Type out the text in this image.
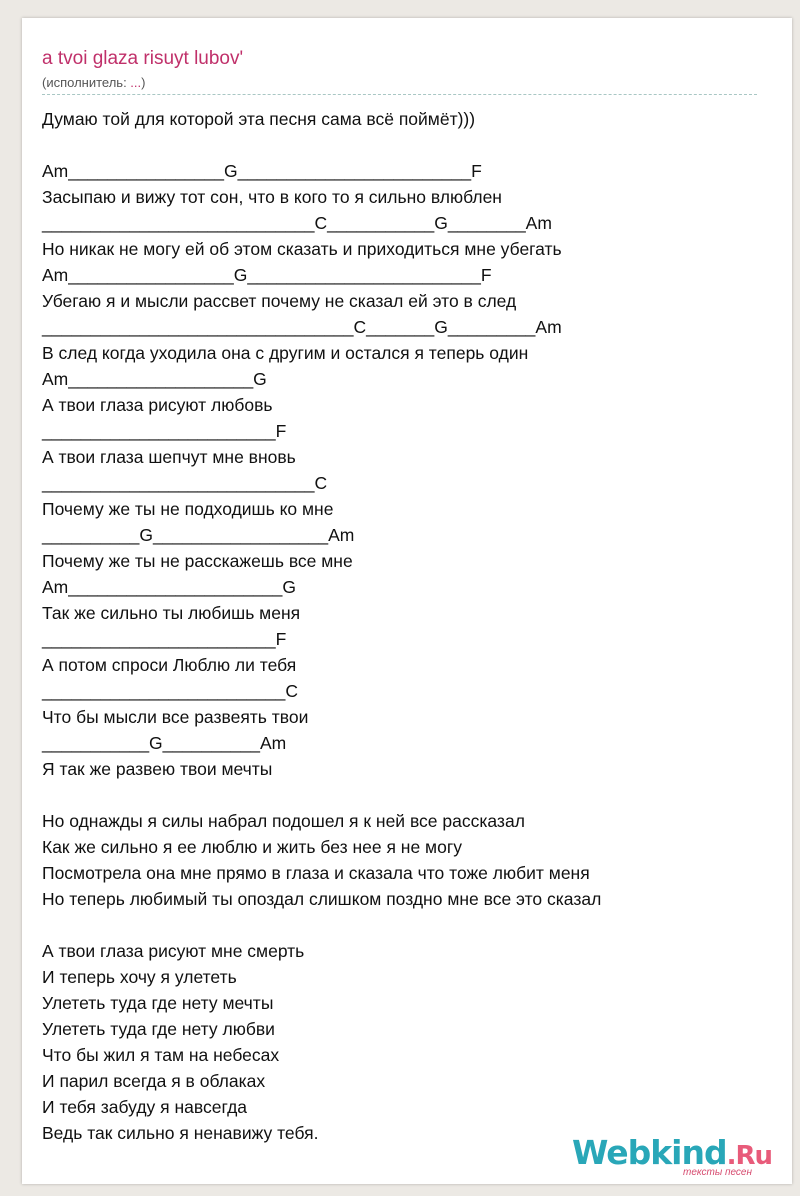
a tvoi glaza risuyt lubov'
(исполнитель: ...)
Думаю той для которой эта песня сама всё поймёт)))
Am________________G________________________F
Засыпаю и вижу тот сон, что в кого то я сильно влюблен
____________________________C___________G________Am
Но никак не могу ей об этом сказать и приходиться мне убегать
Am_________________G________________________F
Убегаю я и мысли рассвет почему не сказал ей это в след
________________________________C_______G_________Am
В след когда уходила она с другим и остался я теперь один
Am___________________G
А твои глаза рисуют любовь
________________________F
А твои глаза шепчут мне вновь
____________________________C
Почему же ты не подходишь ко мне
__________G__________________Am
Почему же ты не расскажешь все мне
Am______________________G
Так же сильно ты любишь меня
________________________F
А потом спроси Люблю ли тебя
_________________________C
Что бы мысли все развеять твои
___________G__________Am
Я так же развею твои мечты
Но однажды я силы набрал подошел я к ней все рассказал
Как же сильно я ее люблю и жить без нее я не могу
Посмотрела она мне прямо в глаза и сказала что тоже любит меня
Но теперь любимый ты опоздал слишком поздно мне все это сказал
А твои глаза рисуют мне смерть
И теперь хочу я улететь
Улететь туда где нету мечты
Улететь туда где нету любви
Что бы жил я там на небесах
И парил всегда я в облаках
И тебя забуду я навсегда
Ведь так сильно я ненавижу тебя.	Webkind.Ru
тексты песен
